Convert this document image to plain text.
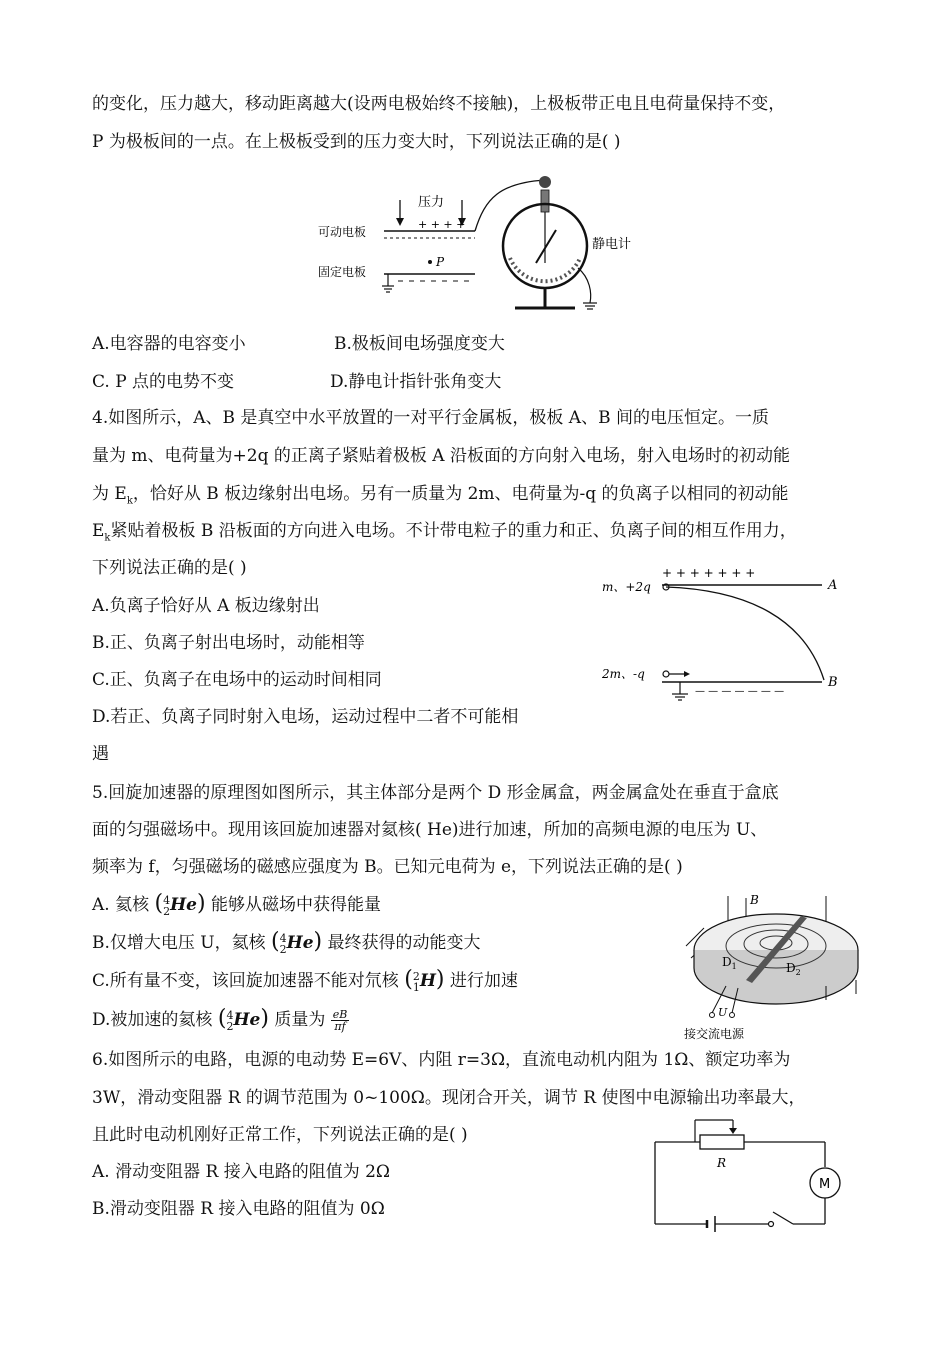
的变化，压力越大，移动距离越大(设两电极始终不接触)，上极板带正电且电荷量保持不变，
P 为极板间的一点。在上极板受到的压力变大时，下列说法正确的是( )
压力
+ + + +
可动电板
P
固定电板
静电计
A.电容器的电容变小	B.极板间电场强度变大
C. P 点的电势不变	D.静电计指针张角变大
4.如图所示，A、B 是真空中水平放置的一对平行金属板，极板 A、B 间的电压恒定。一质
量为 m、电荷量为+2q 的正离子紧贴着极板 A 沿板面的方向射入电场，射入电场时的初动能
为 $E_k$，恰好从 B 板边缘射出电场。另有一质量为 2m、电荷量为-q 的负离子以相同的初动能
$E_k$紧贴着极板 B 沿板面的方向进入电场。不计带电粒子的重力和正、负离子间的相互作用力，
下列说法正确的是( )
A.负离子恰好从 A 板边缘射出
B.正、负离子射出电场时，动能相等
C.正、负离子在电场中的运动时间相同
D.若正、负离子同时射入电场，运动过程中二者不可能相
遇
+ + + + + + +
A
m、+2q
2m、-q
B
— — — — — — —
5.回旋加速器的原理图如图所示，其主体部分是两个 D 形金属盒，两金属盒处在垂直于盒底
面的匀强磁场中。现用该回旋加速器对氦核( He)进行加速，所加的高频电源的电压为 U、
频率为 f，匀强磁场的磁感应强度为 B。已知元电荷为 e，下列说法正确的是( )
A. 氦核 (4
2He) 能够从磁场中获得能量
B.仅增大电压 U，氦核 (4
2He) 最终获得的动能变大
C.所有量不变，该回旋加速器不能对氘核 (2
1H) 进行加速
D.被加速的氦核 (4
2He) 质量为 $\frac{eB}{\pi f}$
B
$D_1$	$D_2$
U
接交流电源
6.如图所示的电路，电源的电动势 E=6V、内阻 r=3Ω，直流电动机内阻为 1Ω、额定功率为
3W，滑动变阻器 R 的调节范围为 0~100Ω。现闭合开关，调节 R 使图中电源输出功率最大，
且此时电动机刚好正常工作，下列说法正确的是( )
A. 滑动变阻器 R 接入电路的阻值为 2Ω
B.滑动变阻器 R 接入电路的阻值为 0Ω
R
M
